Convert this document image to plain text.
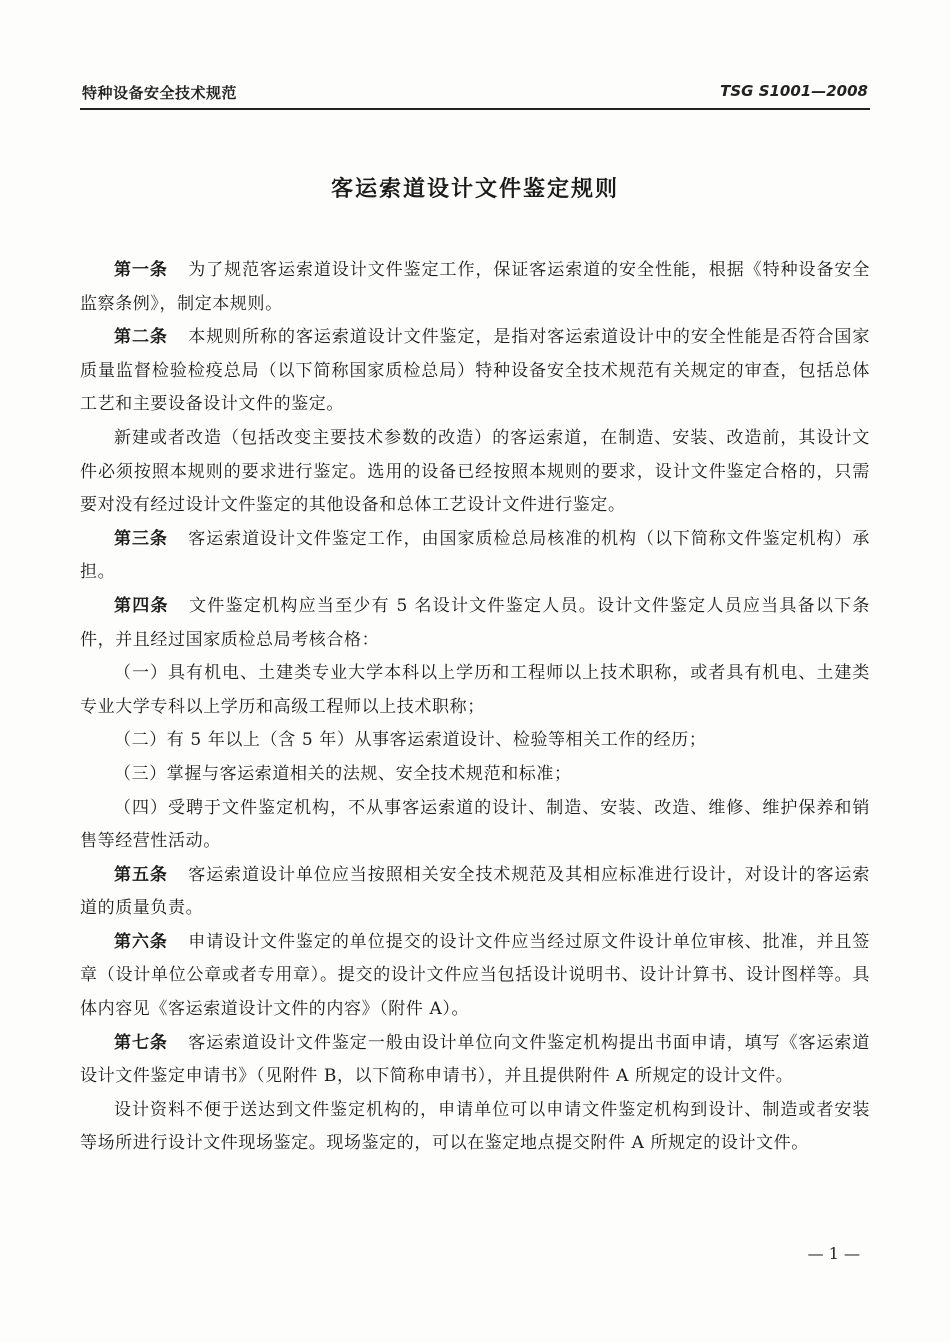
特种设备安全技术规范	TSG S1001—2008
客运索道设计文件鉴定规则

第一条 为了规范客运索道设计文件鉴定工作，保证客运索道的安全性能，根据《特种设备安全监察条例》，制定本规则。

第二条 本规则所称的客运索道设计文件鉴定，是指对客运索道设计中的安全性能是否符合国家质量监督检验检疫总局（以下简称国家质检总局）特种设备安全技术规范有关规定的审查，包括总体工艺和主要设备设计文件的鉴定。

新建或者改造（包括改变主要技术参数的改造）的客运索道，在制造、安装、改造前，其设计文件必须按照本规则的要求进行鉴定。选用的设备已经按照本规则的要求，设计文件鉴定合格的，只需要对没有经过设计文件鉴定的其他设备和总体工艺设计文件进行鉴定。

第三条 客运索道设计文件鉴定工作，由国家质检总局核准的机构（以下简称文件鉴定机构）承担。

第四条 文件鉴定机构应当至少有 5 名设计文件鉴定人员。设计文件鉴定人员应当具备以下条件，并且经过国家质检总局考核合格：

（一）具有机电、土建类专业大学本科以上学历和工程师以上技术职称，或者具有机电、土建类专业大学专科以上学历和高级工程师以上技术职称；

（二）有 5 年以上（含 5 年）从事客运索道设计、检验等相关工作的经历；

（三）掌握与客运索道相关的法规、安全技术规范和标准；

（四）受聘于文件鉴定机构，不从事客运索道的设计、制造、安装、改造、维修、维护保养和销售等经营性活动。

第五条 客运索道设计单位应当按照相关安全技术规范及其相应标准进行设计，对设计的客运索道的质量负责。

第六条 申请设计文件鉴定的单位提交的设计文件应当经过原文件设计单位审核、批准，并且签章（设计单位公章或者专用章）。提交的设计文件应当包括设计说明书、设计计算书、设计图样等。具体内容见《客运索道设计文件的内容》（附件 A）。

第七条 客运索道设计文件鉴定一般由设计单位向文件鉴定机构提出书面申请，填写《客运索道设计文件鉴定申请书》（见附件 B，以下简称申请书），并且提供附件 A 所规定的设计文件。

设计资料不便于送达到文件鉴定机构的，申请单位可以申请文件鉴定机构到设计、制造或者安装等场所进行设计文件现场鉴定。现场鉴定的，可以在鉴定地点提交附件 A 所规定的设计文件。

— 1 —
